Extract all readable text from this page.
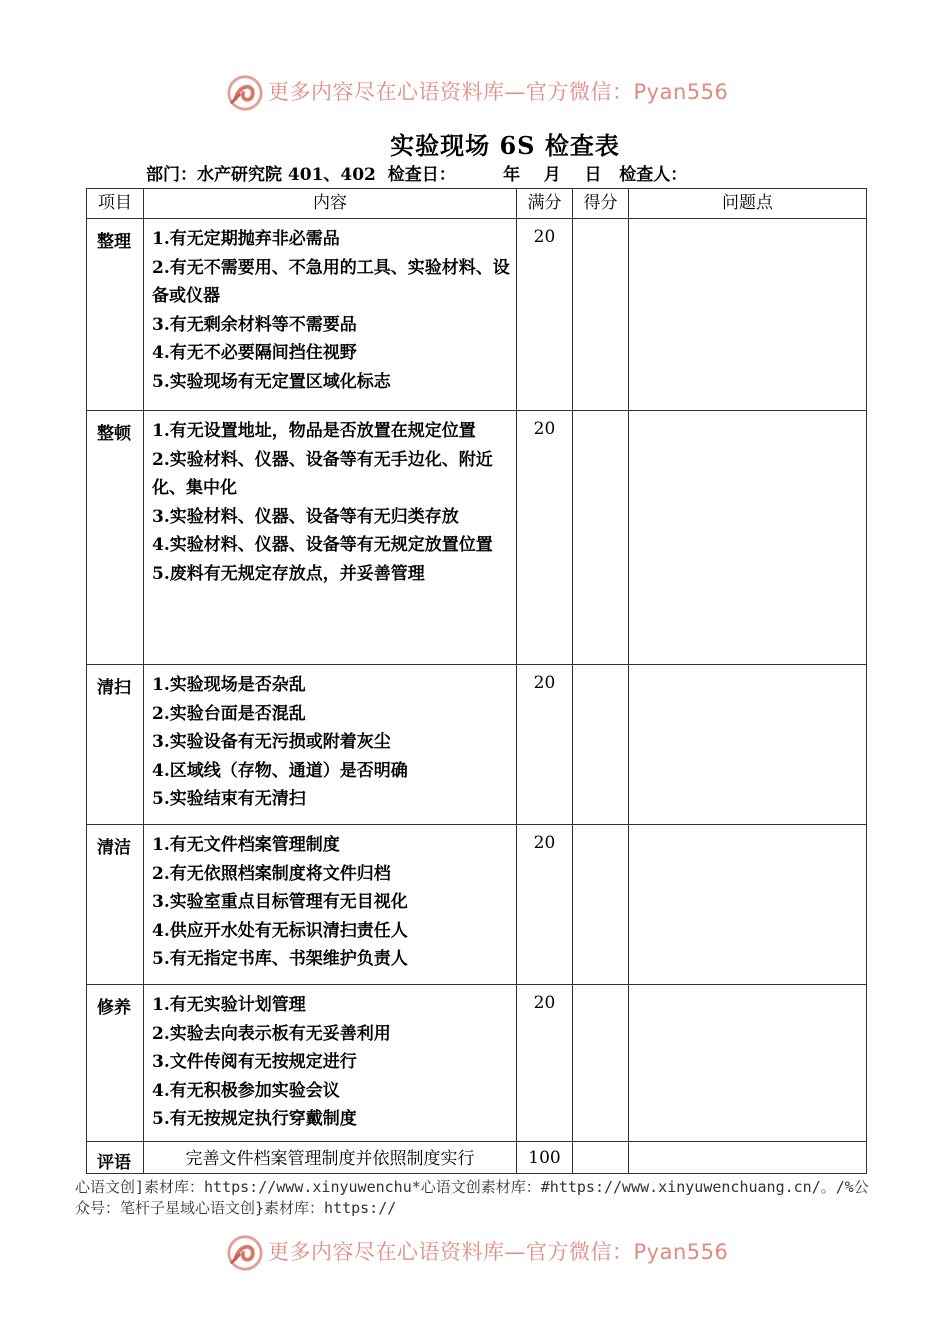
更多内容尽在心语资料库—官方微信：Pyan556
实验现场 6S 检查表
部门：水产研究院 401、402 检查日：	年 月 日 检查人：
项目	内容	满分	得分	问题点
整理	1.有无定期抛弃非必需品
2.有无不需要用、不急用的工具、实验材料、设备或仪器
3.有无剩余材料等不需要品
4.有无不必要隔间挡住视野
5.实验现场有无定置区域化标志	20		
整顿	1.有无设置地址，物品是否放置在规定位置
2.实验材料、仪器、设备等有无手边化、附近化、集中化
3.实验材料、仪器、设备等有无归类存放
4.实验材料、仪器、设备等有无规定放置位置
5.废料有无规定存放点，并妥善管理	20		
清扫	1.实验现场是否杂乱
2.实验台面是否混乱
3.实验设备有无污损或附着灰尘
4.区域线（存物、通道）是否明确
5.实验结束有无清扫	20		
清洁	1.有无文件档案管理制度
2.有无依照档案制度将文件归档
3.实验室重点目标管理有无目视化
4.供应开水处有无标识清扫责任人
5.有无指定书库、书架维护负责人	20		
修养	1.有无实验计划管理
2.实验去向表示板有无妥善利用
3.文件传阅有无按规定进行
4.有无积极参加实验会议
5.有无按规定执行穿戴制度	20		
评语	完善文件档案管理制度并依照制度实行	100		
心语文创]素材库：https://www.xinyuwenchu*心语文创素材库：#https://www.xinyuwenchuang.cn/。/%公众号：笔杆子星域心语文创}素材库：https://
更多内容尽在心语资料库—官方微信：Pyan556
